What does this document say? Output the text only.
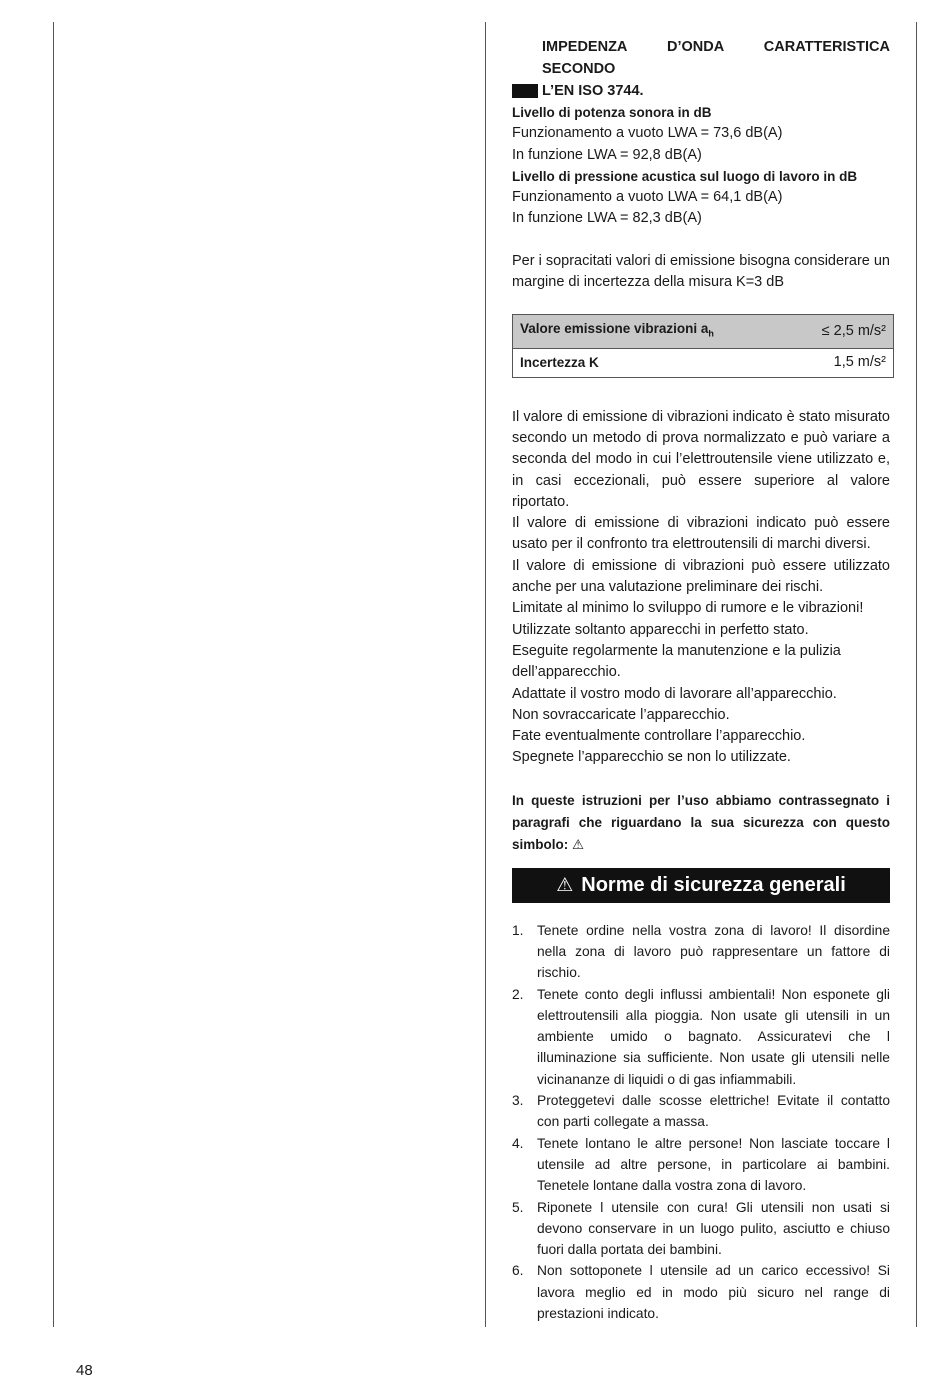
IMPEDENZA D’ONDA CARATTERISTICA SECONDO
L’EN ISO 3744.
Livello di potenza sonora in dB
Funzionamento a vuoto LWA = 73,6 dB(A)
In funzione LWA = 92,8 dB(A)
Livello di pressione acustica sul luogo di lavoro in dB
Funzionamento a vuoto LWA = 64,1 dB(A)
In funzione LWA = 82,3 dB(A)

Per i sopracitati valori di emissione bisogna considerare un margine di incertezza della misura K=3 dB

Valore emissione vibrazioni $a_h$	≤ 2,5 m/s²
Incertezza K	1,5 m/s²

Il valore di emissione di vibrazioni indicato è stato misurato secondo un metodo di prova normalizzato e può variare a seconda del modo in cui l’elettroutensile viene utilizzato e, in casi eccezionali, può essere superiore al valore riportato.

Il valore di emissione di vibrazioni indicato può essere usato per il confronto tra elettroutensili di marchi diversi.

Il valore di emissione di vibrazioni può essere utilizzato anche per una valutazione preliminare dei rischi.

Limitate al minimo lo sviluppo di rumore e le vibrazioni!

Utilizzate soltanto apparecchi in perfetto stato.

Eseguite regolarmente la manutenzione e la pulizia dell’apparecchio.

Adattate il vostro modo di lavorare all’apparecchio.

Non sovraccaricate l’apparecchio.

Fate eventualmente controllare l’apparecchio.

Spegnete l’apparecchio se non lo utilizzate.

In queste istruzioni per l’uso abbiamo contrassegnato i paragrafi che riguardano la sua sicurezza con questo simbolo: ⚠

⚠ Norme di sicurezza generali
1. Tenete ordine nella vostra zona di lavoro! Il disordine nella zona di lavoro può rappresentare un fattore di rischio.
2. Tenete conto degli influssi ambientali! Non esponete gli elettroutensili alla pioggia. Non usate gli utensili in un ambiente umido o bagnato. Assicuratevi che l illuminazione sia sufficiente. Non usate gli utensili nelle vicinananze di liquidi o di gas infiammabili.
3. Proteggetevi dalle scosse elettriche! Evitate il contatto con parti collegate a massa.
4. Tenete lontano le altre persone! Non lasciate toccare l utensile ad altre persone, in particolare ai bambini. Tenetele lontane dalla vostra zona di lavoro.
5. Riponete l utensile con cura! Gli utensili non usati si devono conservare in un luogo pulito, asciutto e chiuso fuori dalla portata dei bambini.
6. Non sottoponete l utensile ad un carico eccessivo! Si lavora meglio ed in modo più sicuro nel range di prestazioni indicato.
48
